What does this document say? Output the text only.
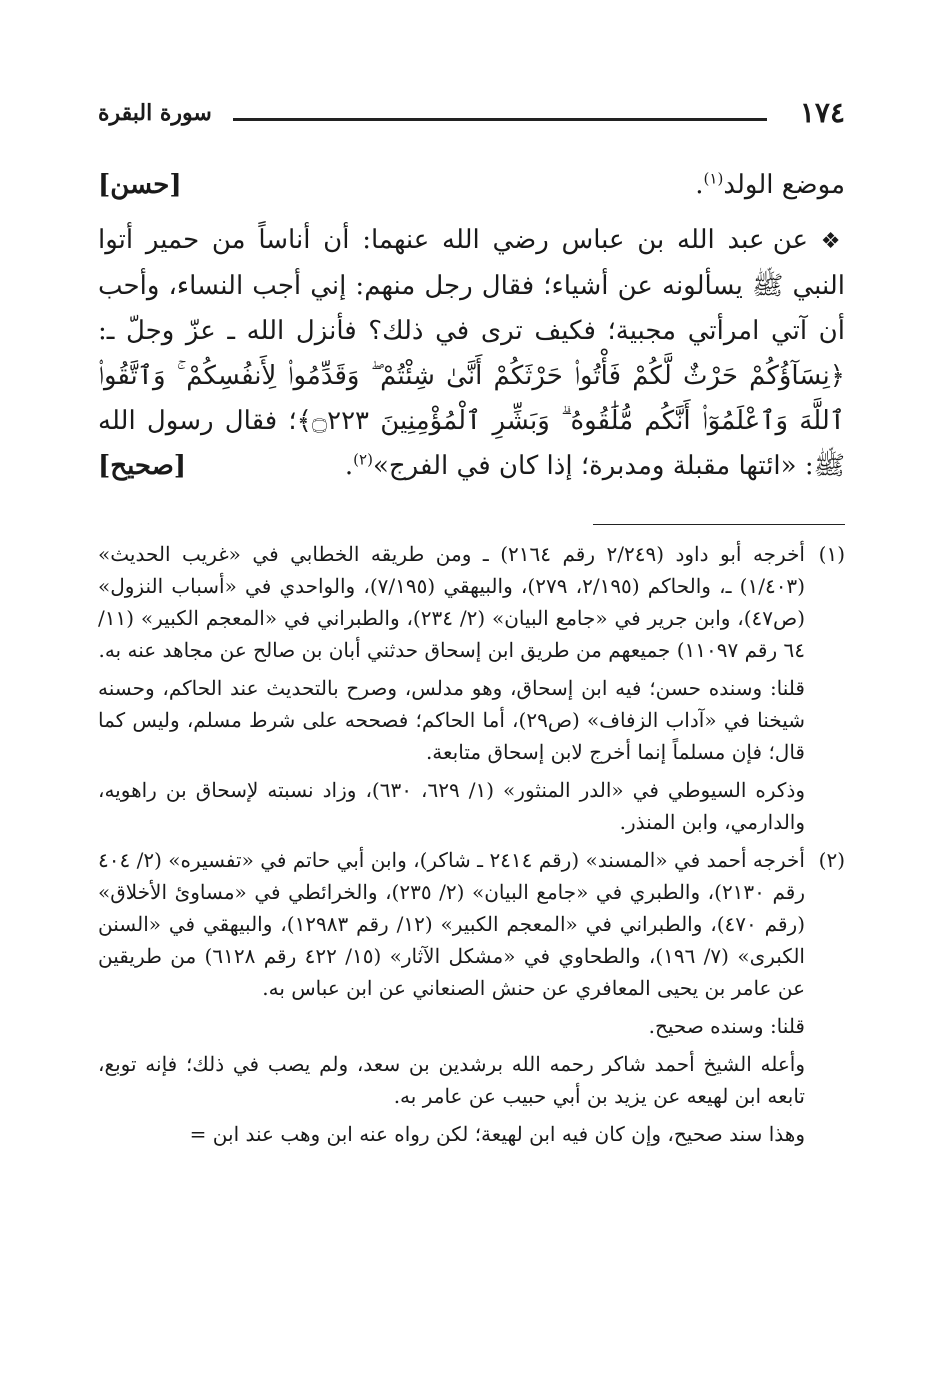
١٧٤
سورة البقرة

[حسن]	موضع الولد$^{(١)}$.

❖ عن عبد الله بن عباس رضي الله عنهما: أن أناساً من حمير أتوا النبي ﷺ يسألونه عن أشياء؛ فقال رجل منهم: إني أجب النساء، وأحب أن آتي امرأتي مجبية؛ فكيف ترى في ذلك؟ فأنزل الله ـ عزّ وجلّ ـ: ﴿نِسَآؤُكُمْ حَرْثٌ لَّكُمْ فَأْتُوا۟ حَرْثَكُمْ أَنَّىٰ شِئْتُمْ ۖ وَقَدِّمُوا۟ لِأَنفُسِكُمْ ۚ وَٱتَّقُوا۟ ٱللَّهَ وَٱعْلَمُوٓا۟ أَنَّكُم مُّلَٰقُوهُ ۗ وَبَشِّرِ ٱلْمُؤْمِنِينَ ۝٢٢٣﴾؛ فقال رسول الله ﷺ: «ائتها مقبلة ومدبرة؛ إذا كان في الفرج»$^{(٢)}$.
[صحيح]

(١)

أخرجه أبو داود (٢/٢٤٩ رقم ٢١٦٤) ـ ومن طريقه الخطابي في «غريب الحديث» (١/٤٠٣) ـ، والحاكم (٢/١٩٥، ٢٧٩)، والبيهقي (٧/١٩٥)، والواحدي في «أسباب النزول» (ص٤٧)، وابن جرير في «جامع البيان» (٢/ ٢٣٤)، والطبراني في «المعجم الكبير» (١١/ ٦٤ رقم ١١٠٩٧) جميعهم من طريق ابن إسحاق حدثني أبان بن صالح عن مجاهد عنه به.

قلنا: وسنده حسن؛ فيه ابن إسحاق، وهو مدلس، وصرح بالتحديث عند الحاكم، وحسنه شيخنا في «آداب الزفاف» (ص٢٩)، أما الحاكم؛ فصححه على شرط مسلم، وليس كما قال؛ فإن مسلماً إنما أخرج لابن إسحاق متابعة.

وذكره السيوطي في «الدر المنثور» (١/ ٦٢٩، ٦٣٠)، وزاد نسبته لإسحاق بن راهويه، والدارمي، وابن المنذر.

(٢)

أخرجه أحمد في «المسند» (رقم ٢٤١٤ ـ شاكر)، وابن أبي حاتم في «تفسيره» (٢/ ٤٠٤ رقم ٢١٣٠)، والطبري في «جامع البيان» (٢/ ٢٣٥)، والخرائطي في «مساوئ الأخلاق» (رقم ٤٧٠)، والطبراني في «المعجم الكبير» (١٢/ رقم ١٢٩٨٣)، والبيهقي في «السنن الكبرى» (٧/ ١٩٦)، والطحاوي في «مشكل الآثار» (١٥/ ٤٢٢ رقم ٦١٢٨) من طريقين عن عامر بن يحيى المعافري عن حنش الصنعاني عن ابن عباس به.

قلنا: وسنده صحيح.

وأعله الشيخ أحمد شاكر رحمه الله برشدين بن سعد، ولم يصب في ذلك؛ فإنه توبع، تابعه ابن لهيعه عن يزيد بن أبي حبيب عن عامر به.

وهذا سند صحيح، وإن كان فيه ابن لهيعة؛ لكن رواه عنه ابن وهب عند ابن =
